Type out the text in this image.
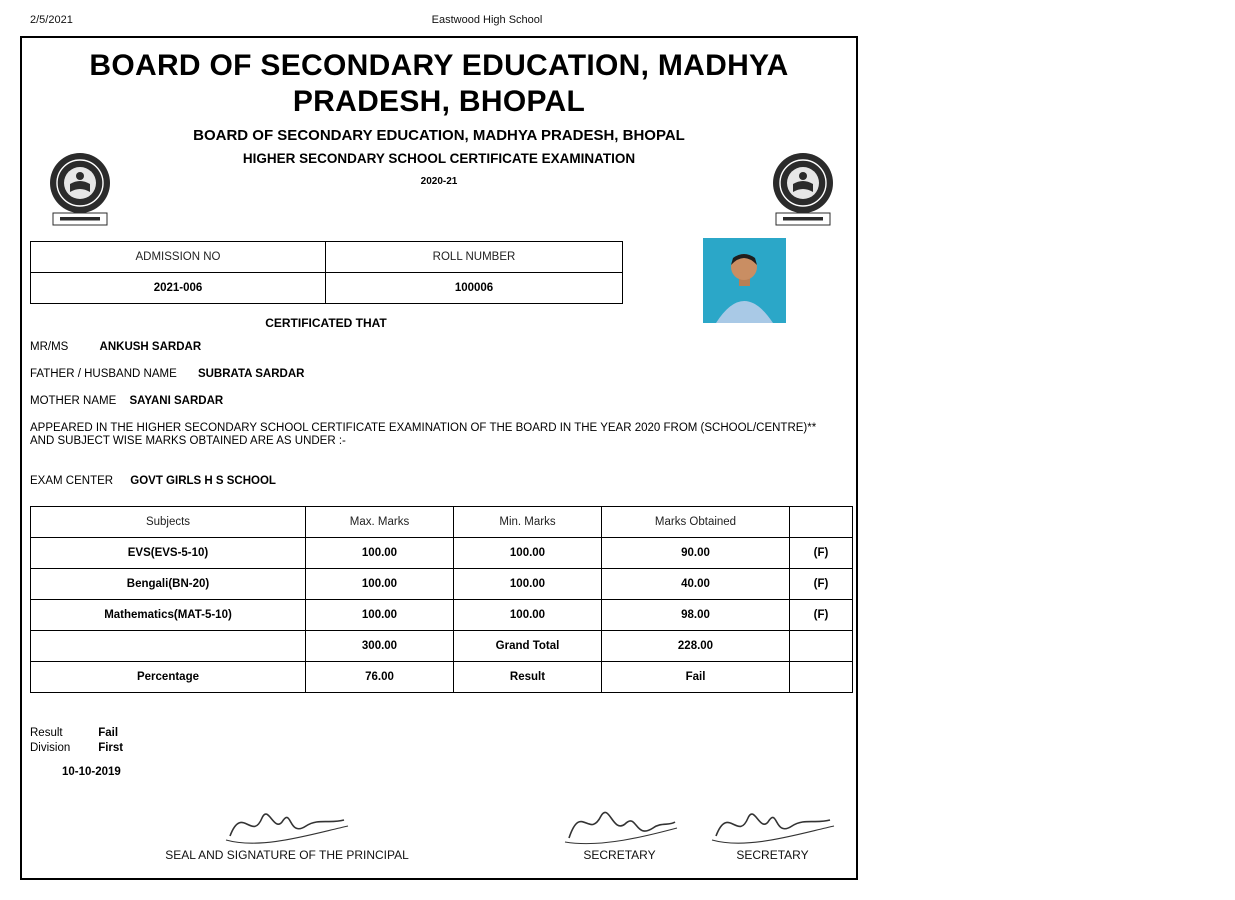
2/5/2021	Eastwood High School
BOARD OF SECONDARY EDUCATION, MADHYA PRADESH, BHOPAL
BOARD OF SECONDARY EDUCATION, MADHYA PRADESH, BHOPAL
HIGHER SECONDARY SCHOOL CERTIFICATE EXAMINATION
2020-21
ADMISSION NO	ROLL NUMBER
2021-006	100006
CERTIFICATED THAT
MR/MS	ANKUSH SARDAR
FATHER / HUSBAND NAME SUBRATA SARDAR
MOTHER NAME SAYANI SARDAR
APPEARED IN THE HIGHER SECONDARY SCHOOL CERTIFICATE EXAMINATION OF THE BOARD IN THE YEAR 2020 FROM (SCHOOL/CENTRE)** AND SUBJECT WISE MARKS OBTAINED ARE AS UNDER :-
EXAM CENTER GOVT GIRLS H S SCHOOL
Subjects	Max. Marks	Min. Marks	Marks Obtained	
EVS(EVS-5-10)	100.00	100.00	90.00	(F)
Bengali(BN-20)	100.00	100.00	40.00	(F)
Mathematics(MAT-5-10)	100.00	100.00	98.00	(F)
	300.00	Grand Total	228.00	
Percentage	76.00	Result	Fail	
Result	Fail
Division First
10-10-2019
SEAL AND SIGNATURE OF THE PRINCIPAL	SECRETARY	SECRETARY
